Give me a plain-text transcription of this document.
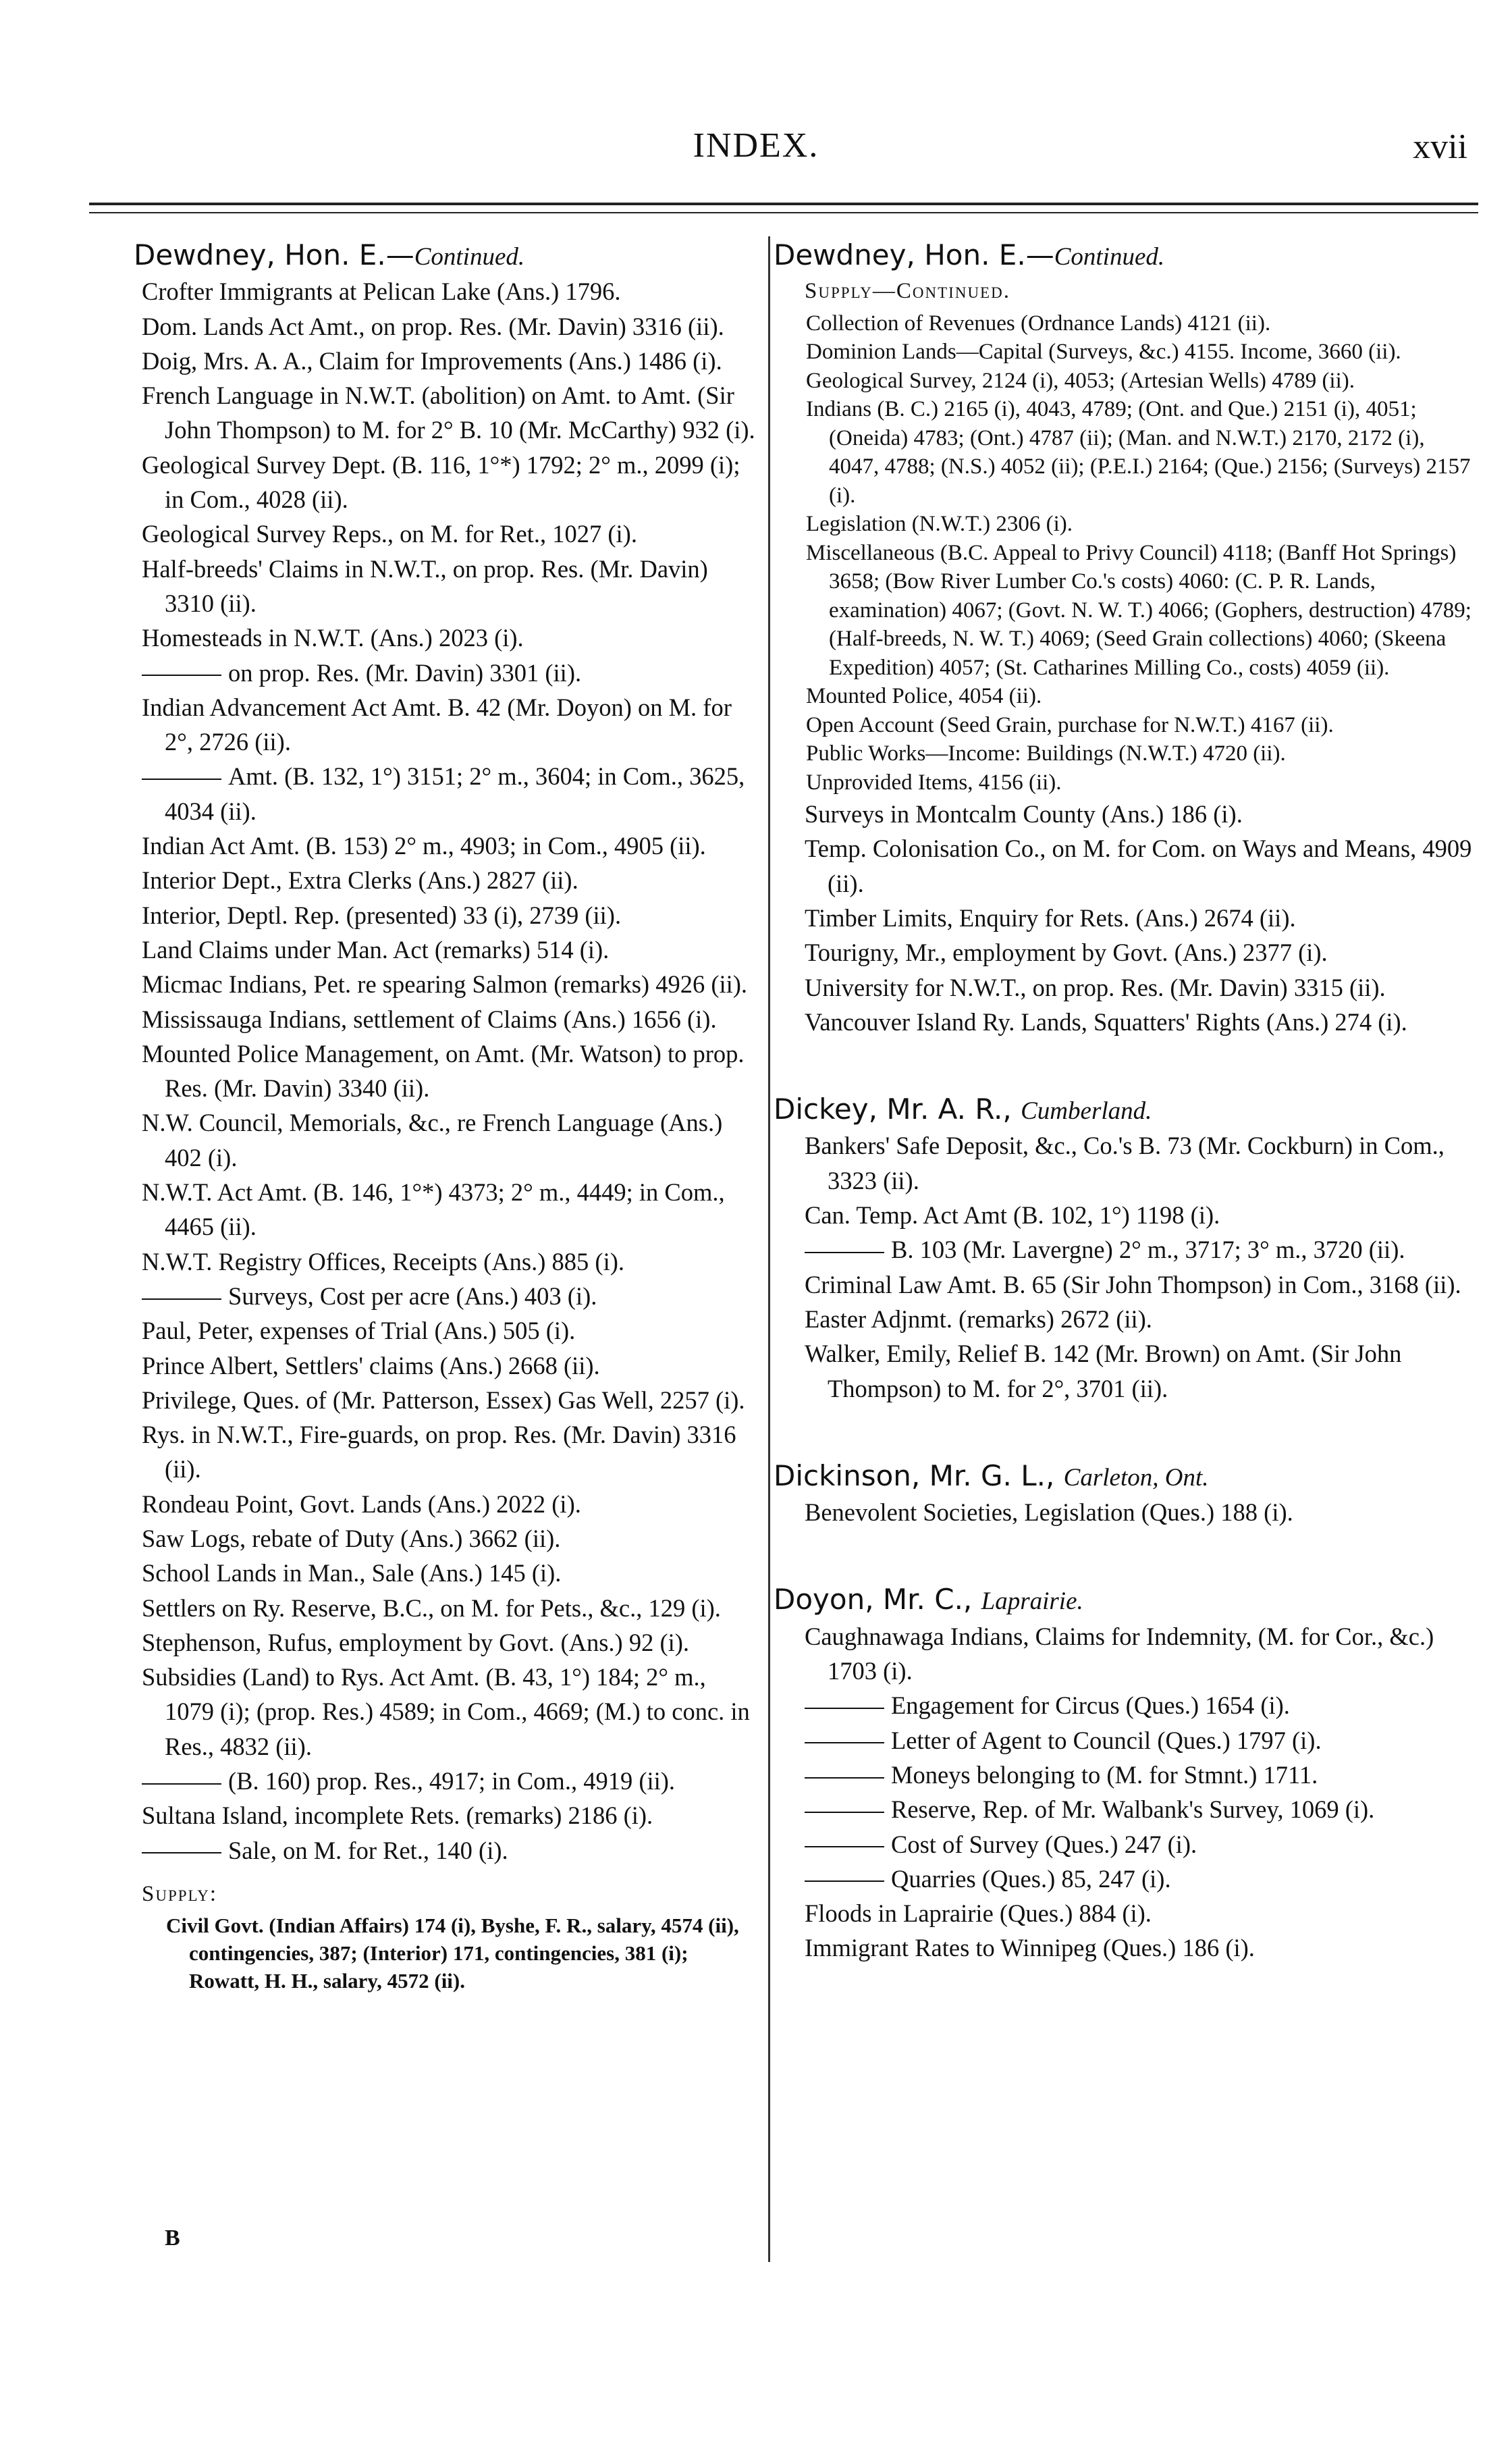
INDEX.	xvii
Dewdney, Hon. E.—Continued.

Crofter Immigrants at Pelican Lake (Ans.) 1796.

Dom. Lands Act Amt., on prop. Res. (Mr. Davin) 3316 (ii).

Doig, Mrs. A. A., Claim for Improvements (Ans.) 1486 (i).

French Language in N.W.T. (abolition) on Amt. to Amt. (Sir John Thompson) to M. for 2° B. 10 (Mr. McCarthy) 932 (i).

Geological Survey Dept. (B. 116, 1°*) 1792; 2° m., 2099 (i); in Com., 4028 (ii).

Geological Survey Reps., on M. for Ret., 1027 (i).

Half-breeds' Claims in N.W.T., on prop. Res. (Mr. Davin) 3310 (ii).

Homesteads in N.W.T. (Ans.) 2023 (i).

on prop. Res. (Mr. Davin) 3301 (ii).

Indian Advancement Act Amt. B. 42 (Mr. Doyon) on M. for 2°, 2726 (ii).

Amt. (B. 132, 1°) 3151; 2° m., 3604; in Com., 3625, 4034 (ii).

Indian Act Amt. (B. 153) 2° m., 4903; in Com., 4905 (ii).

Interior Dept., Extra Clerks (Ans.) 2827 (ii).

Interior, Deptl. Rep. (presented) 33 (i), 2739 (ii).

Land Claims under Man. Act (remarks) 514 (i).

Micmac Indians, Pet. re spearing Salmon (remarks) 4926 (ii).

Mississauga Indians, settlement of Claims (Ans.) 1656 (i).

Mounted Police Management, on Amt. (Mr. Watson) to prop. Res. (Mr. Davin) 3340 (ii).

N.W. Council, Memorials, &c., re French Language (Ans.) 402 (i).

N.W.T. Act Amt. (B. 146, 1°*) 4373; 2° m., 4449; in Com., 4465 (ii).

N.W.T. Registry Offices, Receipts (Ans.) 885 (i).

Surveys, Cost per acre (Ans.) 403 (i).

Paul, Peter, expenses of Trial (Ans.) 505 (i).

Prince Albert, Settlers' claims (Ans.) 2668 (ii).

Privilege, Ques. of (Mr. Patterson, Essex) Gas Well, 2257 (i).

Rys. in N.W.T., Fire-guards, on prop. Res. (Mr. Davin) 3316 (ii).

Rondeau Point, Govt. Lands (Ans.) 2022 (i).

Saw Logs, rebate of Duty (Ans.) 3662 (ii).

School Lands in Man., Sale (Ans.) 145 (i).

Settlers on Ry. Reserve, B.C., on M. for Pets., &c., 129 (i).

Stephenson, Rufus, employment by Govt. (Ans.) 92 (i).

Subsidies (Land) to Rys. Act Amt. (B. 43, 1°) 184; 2° m., 1079 (i); (prop. Res.) 4589; in Com., 4669; (M.) to conc. in Res., 4832 (ii).

(B. 160) prop. Res., 4917; in Com., 4919 (ii).

Sultana Island, incomplete Rets. (remarks) 2186 (i).

Sale, on M. for Ret., 140 (i).

Supply:

Civil Govt. (Indian Affairs) 174 (i), Byshe, F. R., salary, 4574 (ii), contingencies, 387; (Interior) 171, contingencies, 381 (i); Rowatt, H. H., salary, 4572 (ii).

B
Dewdney, Hon. E.—Continued.
Supply—Continued.

Collection of Revenues (Ordnance Lands) 4121 (ii).

Dominion Lands—Capital (Surveys, &c.) 4155. Income, 3660 (ii).

Geological Survey, 2124 (i), 4053; (Artesian Wells) 4789 (ii).

Indians (B. C.) 2165 (i), 4043, 4789; (Ont. and Que.) 2151 (i), 4051; (Oneida) 4783; (Ont.) 4787 (ii); (Man. and N.W.T.) 2170, 2172 (i), 4047, 4788; (N.S.) 4052 (ii); (P.E.I.) 2164; (Que.) 2156; (Surveys) 2157 (i).

Legislation (N.W.T.) 2306 (i).

Miscellaneous (B.C. Appeal to Privy Council) 4118; (Banff Hot Springs) 3658; (Bow River Lumber Co.'s costs) 4060: (C. P. R. Lands, examination) 4067; (Govt. N. W. T.) 4066; (Gophers, destruction) 4789; (Half-breeds, N. W. T.) 4069; (Seed Grain collections) 4060; (Skeena Expedition) 4057; (St. Catharines Milling Co., costs) 4059 (ii).

Mounted Police, 4054 (ii).

Open Account (Seed Grain, purchase for N.W.T.) 4167 (ii).

Public Works—Income: Buildings (N.W.T.) 4720 (ii).

Unprovided Items, 4156 (ii).

Surveys in Montcalm County (Ans.) 186 (i).

Temp. Colonisation Co., on M. for Com. on Ways and Means, 4909 (ii).

Timber Limits, Enquiry for Rets. (Ans.) 2674 (ii).

Tourigny, Mr., employment by Govt. (Ans.) 2377 (i).

University for N.W.T., on prop. Res. (Mr. Davin) 3315 (ii).

Vancouver Island Ry. Lands, Squatters' Rights (Ans.) 274 (i).

Dickey, Mr. A. R., Cumberland.

Bankers' Safe Deposit, &c., Co.'s B. 73 (Mr. Cockburn) in Com., 3323 (ii).

Can. Temp. Act Amt (B. 102, 1°) 1198 (i).

B. 103 (Mr. Lavergne) 2° m., 3717; 3° m., 3720 (ii).

Criminal Law Amt. B. 65 (Sir John Thompson) in Com., 3168 (ii).

Easter Adjnmt. (remarks) 2672 (ii).

Walker, Emily, Relief B. 142 (Mr. Brown) on Amt. (Sir John Thompson) to M. for 2°, 3701 (ii).

Dickinson, Mr. G. L., Carleton, Ont.

Benevolent Societies, Legislation (Ques.) 188 (i).

Doyon, Mr. C., Laprairie.

Caughnawaga Indians, Claims for Indemnity, (M. for Cor., &c.) 1703 (i).

Engagement for Circus (Ques.) 1654 (i).

Letter of Agent to Council (Ques.) 1797 (i).

Moneys belonging to (M. for Stmnt.) 1711.

Reserve, Rep. of Mr. Walbank's Survey, 1069 (i).

Cost of Survey (Ques.) 247 (i).

Quarries (Ques.) 85, 247 (i).

Floods in Laprairie (Ques.) 884 (i).

Immigrant Rates to Winnipeg (Ques.) 186 (i).
